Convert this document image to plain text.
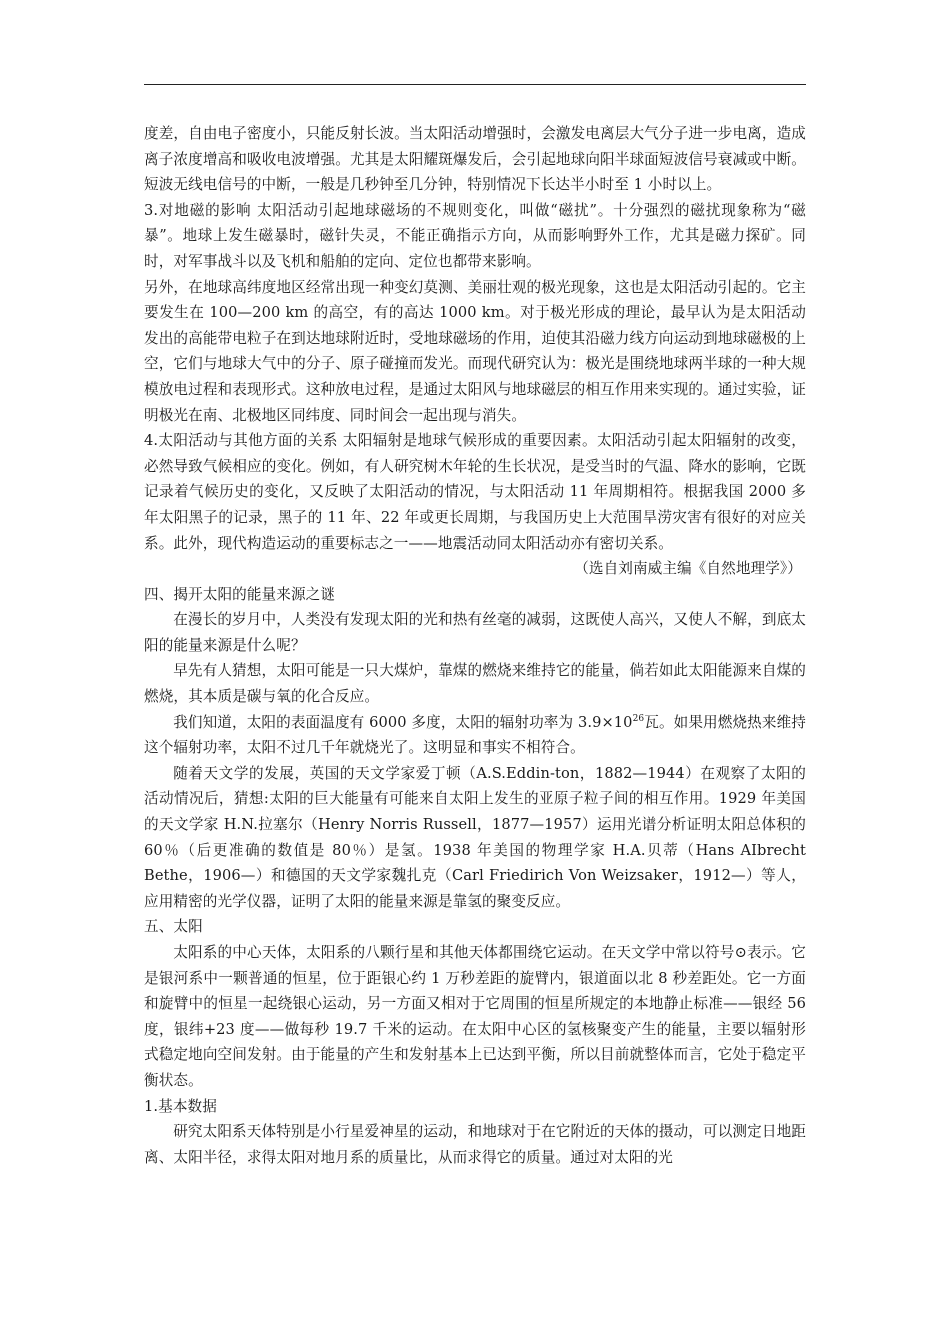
度差，自由电子密度小，只能反射长波。当太阳活动增强时，会激发电离层大气分子进一步电离，造成离子浓度增高和吸收电波增强。尤其是太阳耀斑爆发后，会引起地球向阳半球面短波信号衰减或中断。短波无线电信号的中断，一般是几秒钟至几分钟，特别情况下长达半小时至 1 小时以上。

3.对地磁的影响 太阳活动引起地球磁场的不规则变化，叫做“磁扰”。十分强烈的磁扰现象称为“磁暴”。地球上发生磁暴时，磁针失灵，不能正确指示方向，从而影响野外工作，尤其是磁力探矿。同时，对军事战斗以及飞机和船舶的定向、定位也都带来影响。

另外，在地球高纬度地区经常出现一种变幻莫测、美丽壮观的极光现象，这也是太阳活动引起的。它主要发生在 100—200 km 的高空，有的高达 1000 km。对于极光形成的理论，最早认为是太阳活动发出的高能带电粒子在到达地球附近时，受地球磁场的作用，迫使其沿磁力线方向运动到地球磁极的上空，它们与地球大气中的分子、原子碰撞而发光。而现代研究认为：极光是围绕地球两半球的一种大规模放电过程和表现形式。这种放电过程，是通过太阳风与地球磁层的相互作用来实现的。通过实验，证明极光在南、北极地区同纬度、同时间会一起出现与消失。

4.太阳活动与其他方面的关系 太阳辐射是地球气候形成的重要因素。太阳活动引起太阳辐射的改变，必然导致气候相应的变化。例如，有人研究树木年轮的生长状况，是受当时的气温、降水的影响，它既记录着气候历史的变化，又反映了太阳活动的情况，与太阳活动 11 年周期相符。根据我国 2000 多年太阳黑子的记录，黑子的 11 年、22 年或更长周期，与我国历史上大范围旱涝灾害有很好的对应关系。此外，现代构造运动的重要标志之一——地震活动同太阳活动亦有密切关系。

（选自刘南威主编《自然地理学》）

四、揭开太阳的能量来源之谜

在漫长的岁月中，人类没有发现太阳的光和热有丝毫的减弱，这既使人高兴，又使人不解，到底太阳的能量来源是什么呢？

早先有人猜想，太阳可能是一只大煤炉，靠煤的燃烧来维持它的能量，倘若如此太阳能源来自煤的燃烧，其本质是碳与氧的化合反应。

我们知道，太阳的表面温度有 6000 多度，太阳的辐射功率为 $3.9\times 10^{26}$瓦。如果用燃烧热来维持这个辐射功率，太阳不过几千年就烧光了。这明显和事实不相符合。

随着天文学的发展，英国的天文学家爱丁顿（A.S.Eddin-ton，1882—1944）在观察了太阳的活动情况后，猜想:太阳的巨大能量有可能来自太阳上发生的亚原子粒子间的相互作用。1929 年美国的天文学家 H.N.拉塞尔（Henry Norris Russell，1877—1957）运用光谱分析证明太阳总体积的 60％（后更准确的数值是 80％）是氢。1938 年美国的物理学家 H.A.贝蒂（Hans AIbrecht Bethe，1906—）和德国的天文学家魏扎克（Carl Friedirich Von Weizsaker，1912—）等人，应用精密的光学仪器，证明了太阳的能量来源是靠氢的聚变反应。

五、太阳

太阳系的中心天体，太阳系的八颗行星和其他天体都围绕它运动。在天文学中常以符号⊙表示。它是银河系中一颗普通的恒星，位于距银心约 1 万秒差距的旋臂内，银道面以北 8 秒差距处。它一方面和旋臂中的恒星一起绕银心运动，另一方面又相对于它周围的恒星所规定的本地静止标准——银经 56 度，银纬+23 度——做每秒 19.7 千米的运动。在太阳中心区的氢核聚变产生的能量，主要以辐射形式稳定地向空间发射。由于能量的产生和发射基本上已达到平衡，所以目前就整体而言，它处于稳定平衡状态。

1.基本数据

研究太阳系天体特别是小行星爱神星的运动，和地球对于在它附近的天体的摄动，可以测定日地距离、太阳半径，求得太阳对地月系的质量比，从而求得它的质量。通过对太阳的光
